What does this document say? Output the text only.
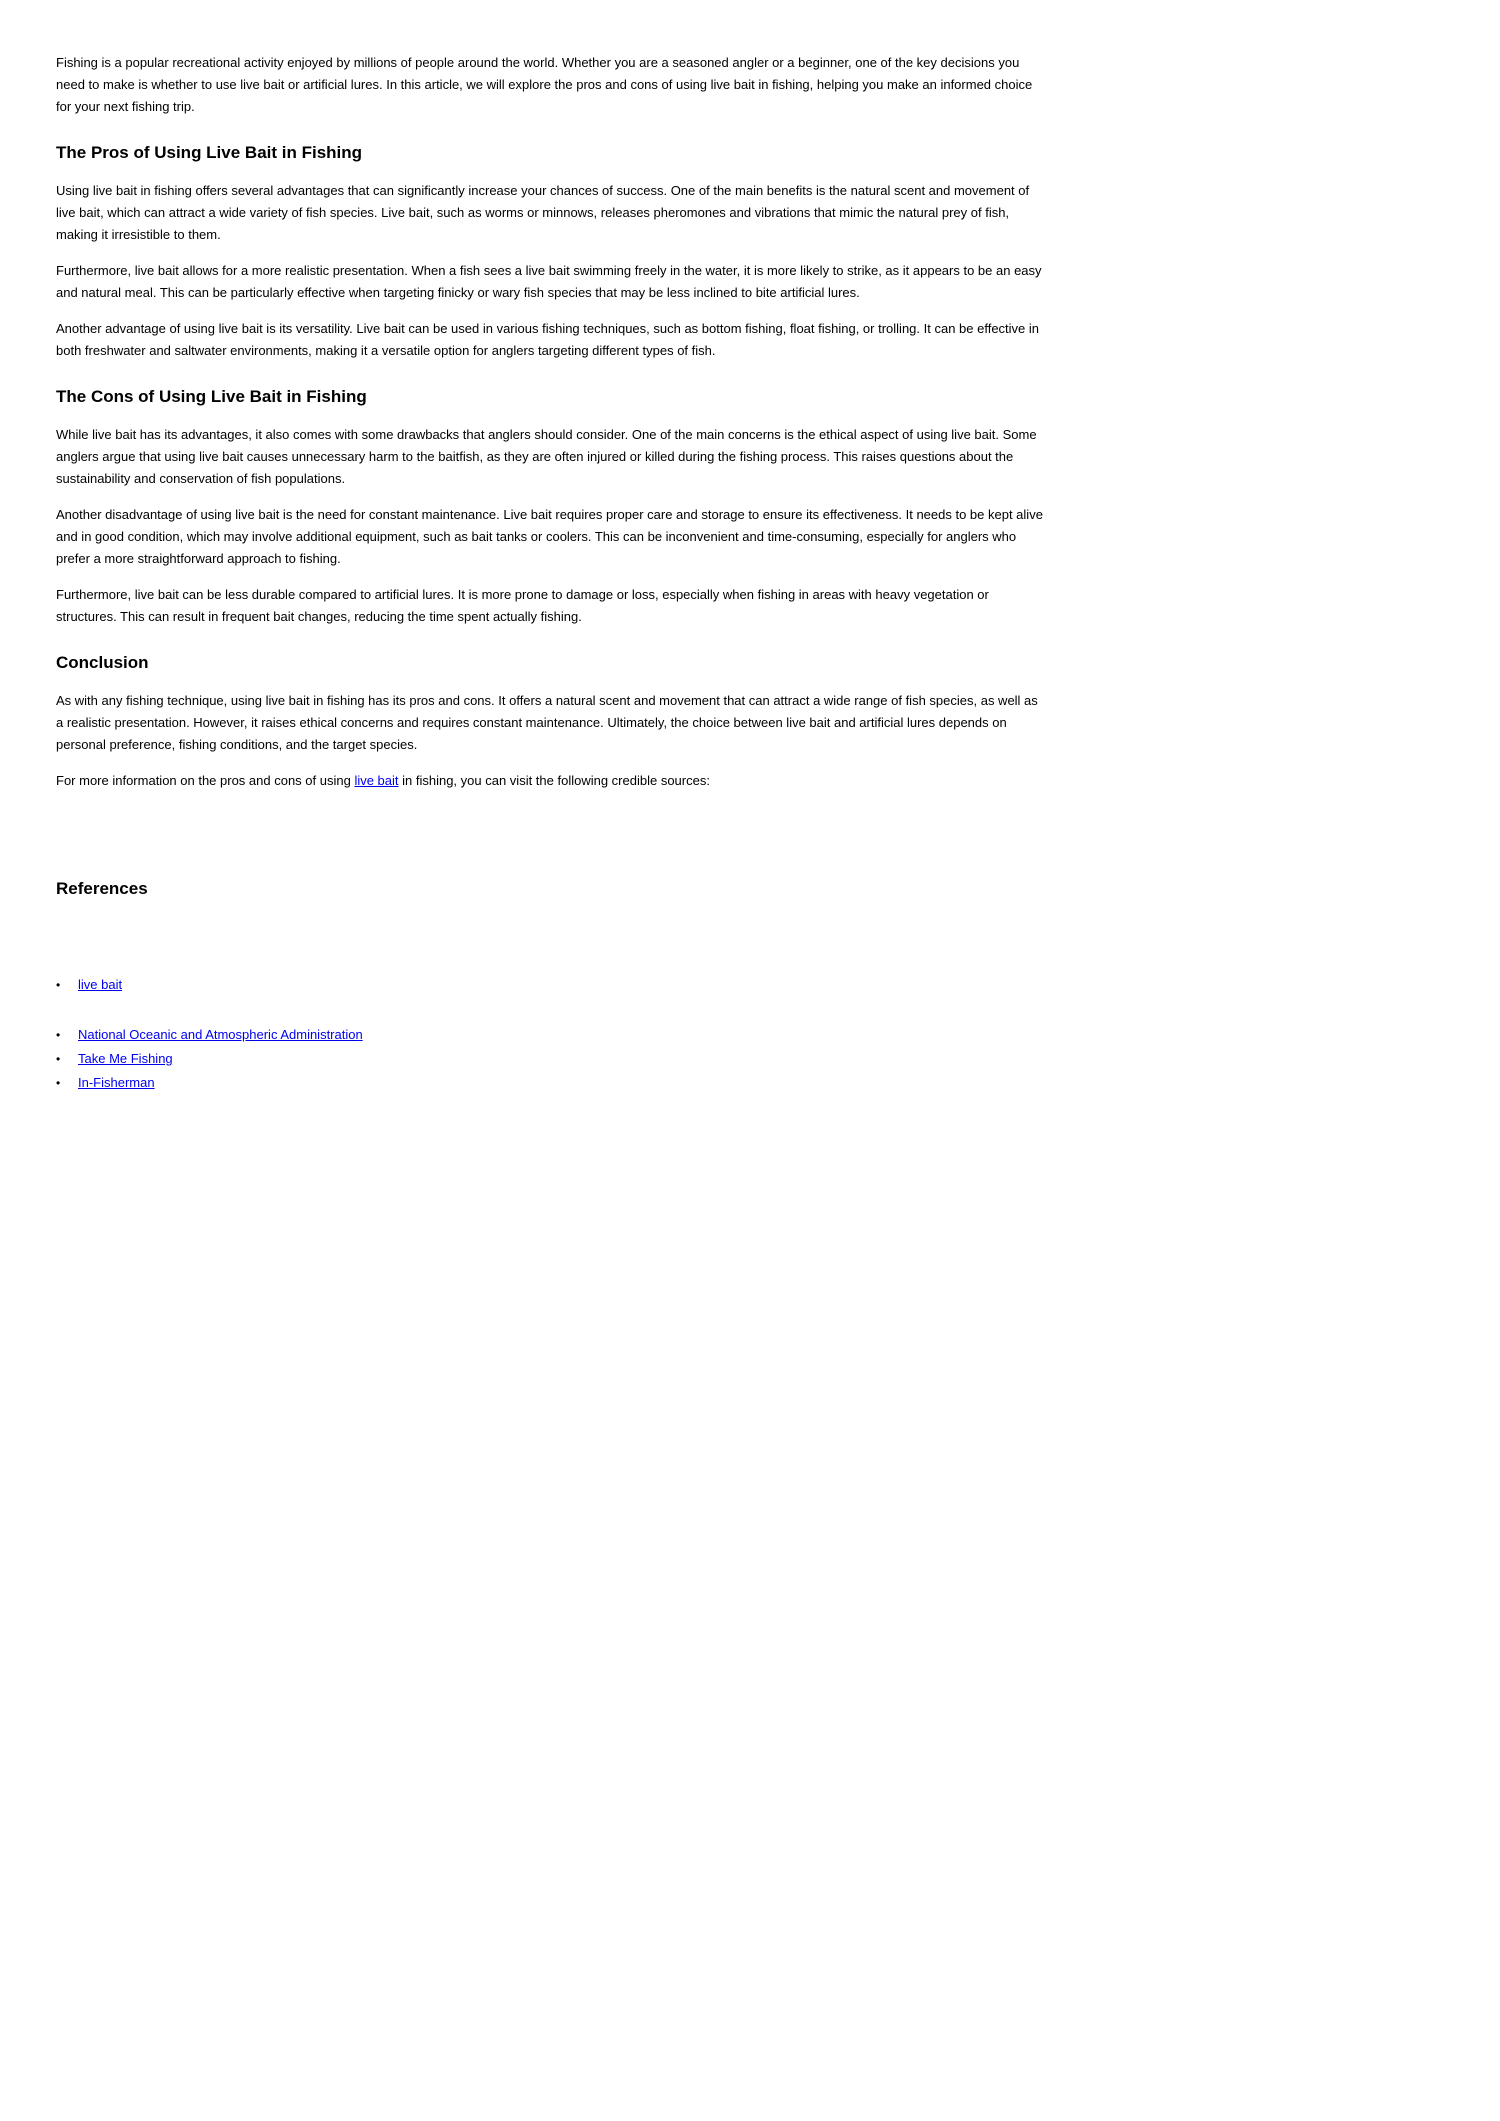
Fishing is a popular recreational activity enjoyed by millions of people around the world. Whether you are a seasoned angler or a beginner, one of the key decisions you need to make is whether to use live bait or artificial lures. In this article, we will explore the pros and cons of using live bait in fishing, helping you make an informed choice for your next fishing trip.

The Pros of Using Live Bait in Fishing

Using live bait in fishing offers several advantages that can significantly increase your chances of success. One of the main benefits is the natural scent and movement of live bait, which can attract a wide variety of fish species. Live bait, such as worms or minnows, releases pheromones and vibrations that mimic the natural prey of fish, making it irresistible to them.

Furthermore, live bait allows for a more realistic presentation. When a fish sees a live bait swimming freely in the water, it is more likely to strike, as it appears to be an easy and natural meal. This can be particularly effective when targeting finicky or wary fish species that may be less inclined to bite artificial lures.

Another advantage of using live bait is its versatility. Live bait can be used in various fishing techniques, such as bottom fishing, float fishing, or trolling. It can be effective in both freshwater and saltwater environments, making it a versatile option for anglers targeting different types of fish.

The Cons of Using Live Bait in Fishing

While live bait has its advantages, it also comes with some drawbacks that anglers should consider. One of the main concerns is the ethical aspect of using live bait. Some anglers argue that using live bait causes unnecessary harm to the baitfish, as they are often injured or killed during the fishing process. This raises questions about the sustainability and conservation of fish populations.

Another disadvantage of using live bait is the need for constant maintenance. Live bait requires proper care and storage to ensure its effectiveness. It needs to be kept alive and in good condition, which may involve additional equipment, such as bait tanks or coolers. This can be inconvenient and time-consuming, especially for anglers who prefer a more straightforward approach to fishing.

Furthermore, live bait can be less durable compared to artificial lures. It is more prone to damage or loss, especially when fishing in areas with heavy vegetation or structures. This can result in frequent bait changes, reducing the time spent actually fishing.

Conclusion

As with any fishing technique, using live bait in fishing has its pros and cons. It offers a natural scent and movement that can attract a wide range of fish species, as well as a realistic presentation. However, it raises ethical concerns and requires constant maintenance. Ultimately, the choice between live bait and artificial lures depends on personal preference, fishing conditions, and the target species.

For more information on the pros and cons of using live bait in fishing, you can visit the following credible sources:

References
•	live bait
•	National Oceanic and Atmospheric Administration
•	Take Me Fishing
•	In-Fisherman
